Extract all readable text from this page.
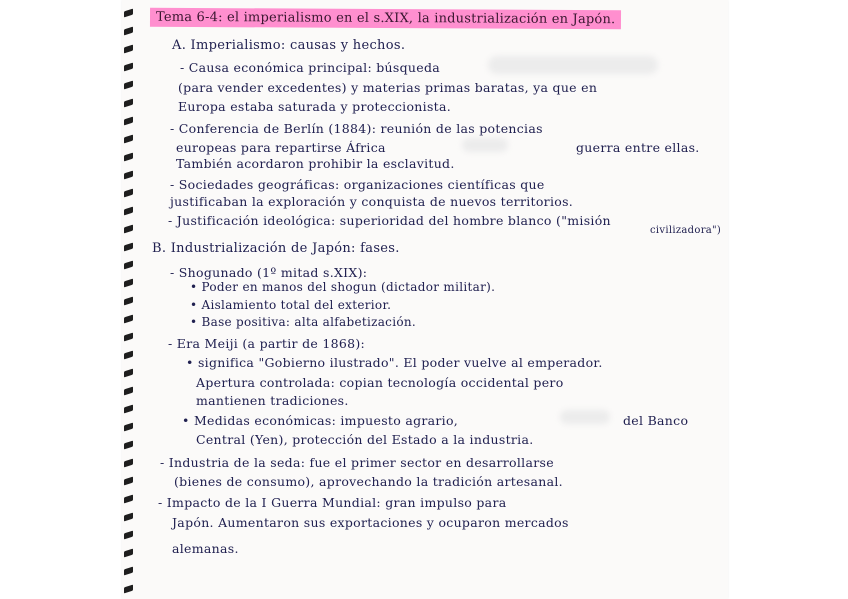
Tema 6-4: el imperialismo en el s.XIX, la industrialización en Japón.
A. Imperialismo: causas y hechos.
- Causa económica principal: búsqueda
(para vender excedentes) y materias primas baratas, ya que en
Europa estaba saturada y proteccionista.
- Conferencia de Berlín (1884): reunión de las potencias
europeas para repartirse África	guerra entre ellas.
También acordaron prohibir la esclavitud.
- Sociedades geográficas: organizaciones científicas que
justificaban la exploración y conquista de nuevos territorios.
- Justificación ideológica: superioridad del hombre blanco ("misión
civilizadora")
B. Industrialización de Japón: fases.
- Shogunado (1º mitad s.XIX):
• Poder en manos del shogun (dictador militar).
• Aislamiento total del exterior.
• Base positiva: alta alfabetización.
- Era Meiji (a partir de 1868):
• significa "Gobierno ilustrado". El poder vuelve al emperador.
Apertura controlada: copian tecnología occidental pero
mantienen tradiciones.
• Medidas económicas: impuesto agrario,	del Banco
Central (Yen), protección del Estado a la industria.
- Industria de la seda: fue el primer sector en desarrollarse
(bienes de consumo), aprovechando la tradición artesanal.
- Impacto de la I Guerra Mundial: gran impulso para
Japón. Aumentaron sus exportaciones y ocuparon mercados
alemanas.
